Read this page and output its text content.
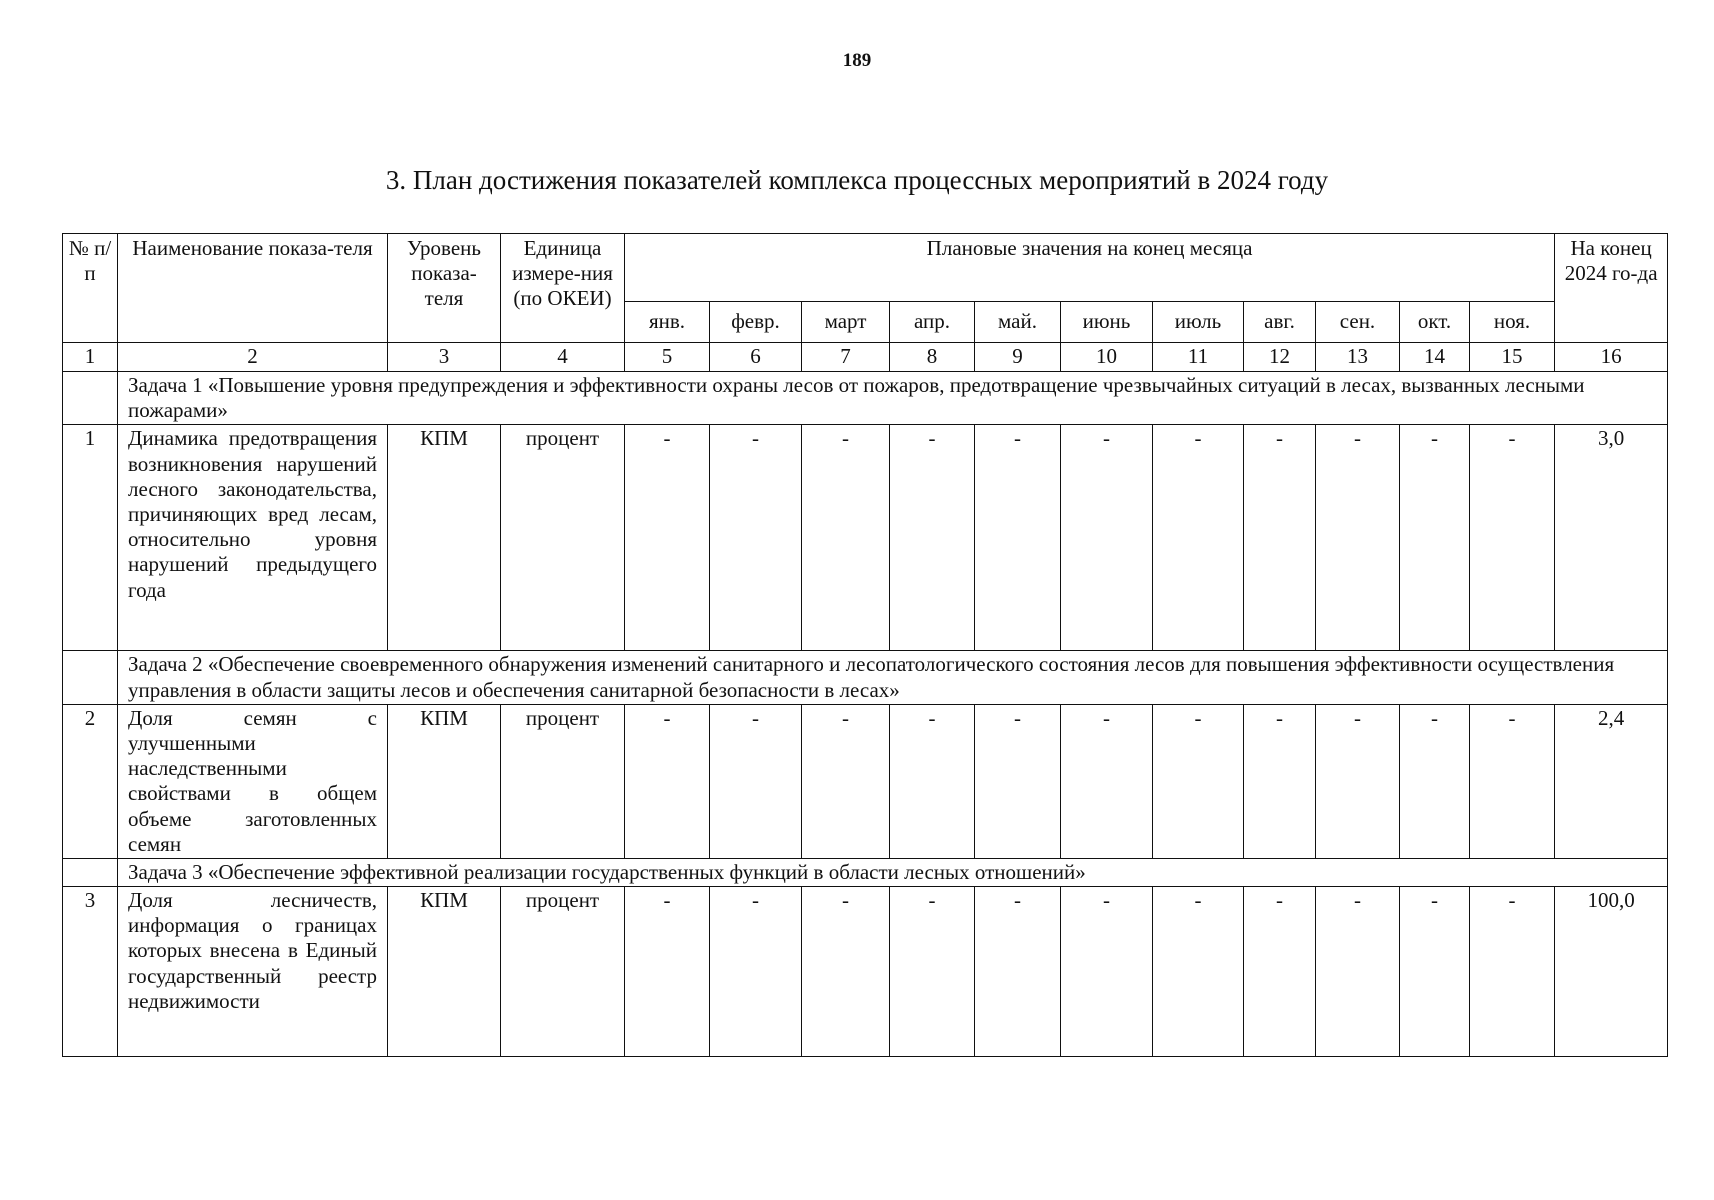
189
3. План достижения показателей комплекса процессных мероприятий в 2024 году
№ п/п	Наименование показа-теля	Уровень показа-теля	Единица измере-ния (по ОКЕИ)	Плановые значения на конец месяца											На конец 2024 го-да
				янв.	февр.	март	апр.	май.	июнь	июль	авг.	сен.	окт.	ноя.	
1	2	3	4	5	6	7	8	9	10	11	12	13	14	15	16
	Задача 1 «Повышение уровня предупреждения и эффективности охраны лесов от пожаров, предотвращение чрезвычайных ситуаций в лесах, вызванных лесными пожарами»														
1	Динамика предотвращения возникновения нарушений лесного законодательства, причиняющих вред лесам, относительно уровня нарушений предыдущего года	КПМ	процент	-	-	-	-	-	-	-	-	-	-	-	3,0
	Задача 2 «Обеспечение своевременного обнаружения изменений санитарного и лесопатологического состояния лесов для повышения эффективности осуществления управления в области защиты лесов и обеспечения санитарной безопасности в лесах»														
2	Доля семян с улучшенными наследственными свойствами в общем объеме заготовленных семян	КПМ	процент	-	-	-	-	-	-	-	-	-	-	-	2,4
	Задача 3 «Обеспечение эффективной реализации государственных функций в области лесных отношений»														
3	Доля лесничеств, информация о границах которых внесена в Единый государственный реестр недвижимости	КПМ	процент	-	-	-	-	-	-	-	-	-	-	-	100,0
